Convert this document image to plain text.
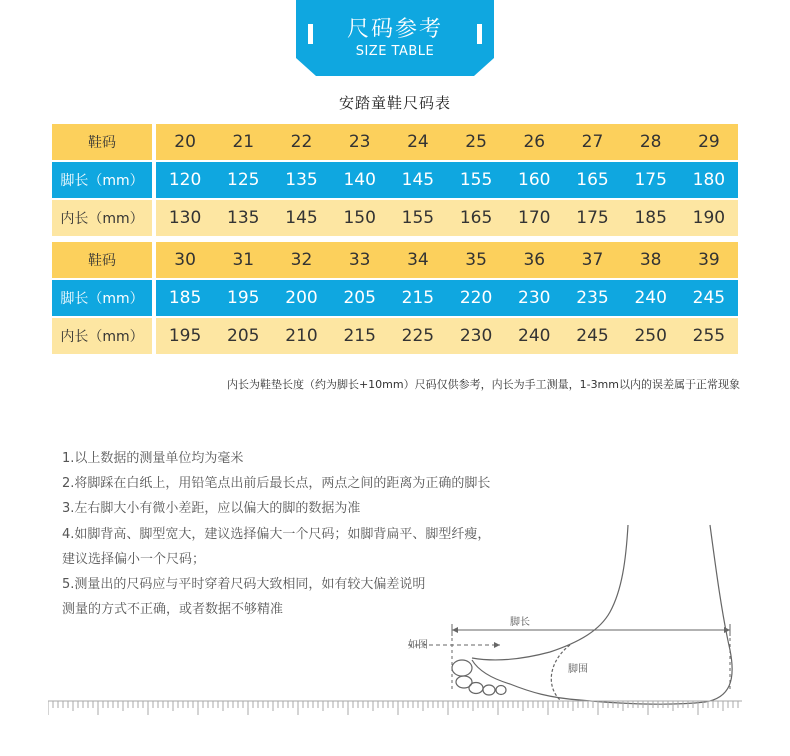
尺码参考
SIZE TABLE
安踏童鞋尺码表
鞋码	20	21	22	23	24	25	26	27	28	29
脚长（mm）	120	125	135	140	145	155	160	165	175	180
内长（mm）	130	135	145	150	155	165	170	175	185	190
鞋码	30	31	32	33	34	35	36	37	38	39
脚长（mm）	185	195	200	205	215	220	230	235	240	245
内长（mm）	195	205	210	215	225	230	240	245	250	255
内长为鞋垫长度（约为脚长+10mm）尺码仅供参考，内长为手工测量，1-3mm以内的误差属于正常现象
1.以上数据的测量单位均为毫米
2.将脚踩在白纸上，用铅笔点出前后最长点，两点之间的距离为正确的脚长
3.左右脚大小有微小差距，应以偏大的脚的数据为准
4.如脚背高、脚型宽大，建议选择偏大一个尺码；如脚背扁平、脚型纤瘦，
建议选择偏小一个尺码；
5.测量出的尺码应与平时穿着尺码大致相同，如有较大偏差说明
测量的方式不正确，或者数据不够精准
脚长
如图
脚围
